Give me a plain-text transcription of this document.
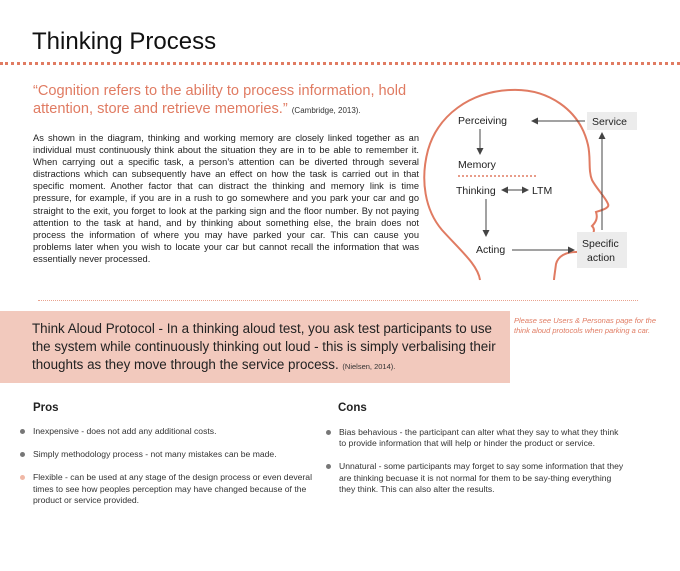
Thinking Process
“Cognition refers to the ability to process information, hold attention, store and retrieve memories.” (Cambridge, 2013).
As shown in the diagram, thinking and working memory are closely linked together as an individual must continuously think about the situation they are in to be able to remember it. When carrying out a specific task, a person’s attention can be diverted through several distractions which can subsequently have an effect on how the task is carried out in that specific moment. Another factor that can distract the thinking and memory link is time pressure, for example, if you are in a rush to go somewhere and you park your car and go straight to the exit, you forget to look at the parking sign and the floor number. By not paying attention to the task at hand, and by thinking about something else, the brain does not process the information of where you may have parked your car. This can cause you problems later when you wish to locate your car but cannot recall the information that was essentially never processed.
Perceiving
Memory
Thinking	LTM
Acting
Service
Specific
action
Think Aloud Protocol - In a thinking aloud test, you ask test participants to use the system while continuously thinking out loud - this is simply verbalising their thoughts as they move through the service process. (Nielsen, 2014).
Please see Users & Personas page for the think aloud protocols when parking a car.
Pros	Cons
Inexpensive - does not add any additional costs.
Simply methodology process - not many mistakes can be made.
Flexible - can be used at any stage of the design process or even deveral times to see how peoples perception may have changed because of the product or service provided.
Bias behavious - the participant can alter what they say to what they think to provide information that will help or hinder the product or service.
Unnatural - some participants may forget to say some information that they are thinking becuase it is not normal for them to be say-thing everything they think. This can also alter the results.
